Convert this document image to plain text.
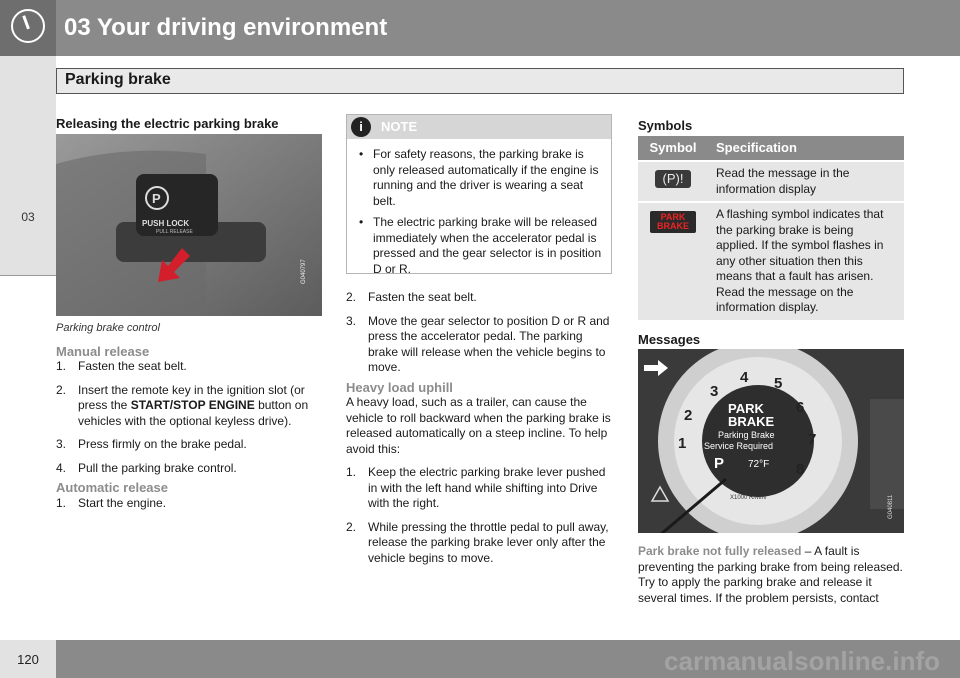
03 Your driving environment
Parking brake
03
Releasing the electric parking brake
P
.
PUSH LOCK
PULL RELEASE
G040797
Parking brake control
Manual release
1. Fasten the seat belt.
2. Insert the remote key in the ignition slot (or press the START/STOP ENGINE button on vehicles with the optional keyless drive).
3. Press firmly on the brake pedal.
4. Pull the parking brake control.
Automatic release
1. Start the engine.
i	NOTE
• For safety reasons, the parking brake is only released automatically if the engine is running and the driver is wearing a seat belt.
• The electric parking brake will be released immediately when the accelerator pedal is pressed and the gear selector is in position D or R.
2. Fasten the seat belt.
3. Move the gear selector to position D or R and press the accelerator pedal. The parking brake will release when the vehicle begins to move.
Heavy load uphill
A heavy load, such as a trailer, can cause the vehicle to roll backward when the parking brake is released automatically on a steep incline. To help avoid this:
1. Keep the electric parking brake lever pushed in with the left hand while shifting into Drive with the right.
2. While pressing the throttle pedal to pull away, release the parking brake lever only after the vehicle begins to move.
Symbols
Symbol	Specification
(P)!	Read the message in the information display
PARK BRAKE	A flashing symbol indicates that the parking brake is being applied. If the symbol flashes in any other situation then this means that a fault has arisen. Read the message on the information display.
Messages
3
4 5
2	6
1	7
8
PARK
BRAKE
Parking Brake
Service Required
P 72°F
X1000 R/MIN	G040811
Park brake not fully released – A fault is preventing the parking brake from being released. Try to apply the parking brake and release it several times. If the problem persists, contact
120	carmanualsonline.info
